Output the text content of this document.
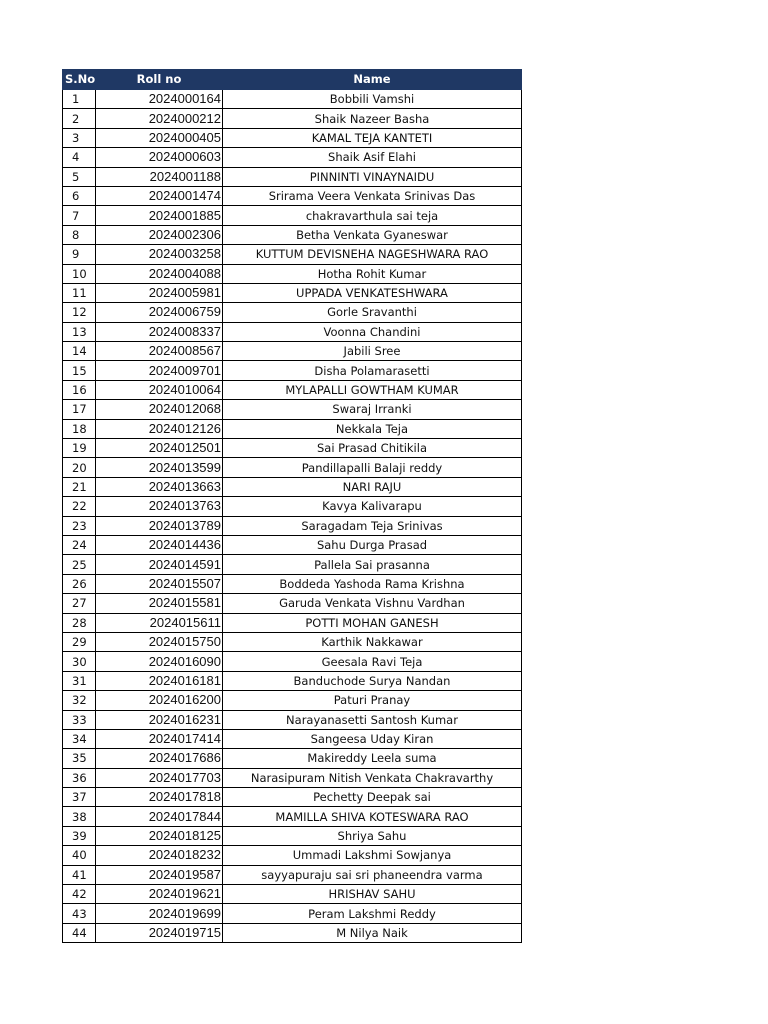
S.No	Roll no	Name
1	2024000164	Bobbili Vamshi
2	2024000212	Shaik Nazeer Basha
3	2024000405	KAMAL TEJA KANTETI
4	2024000603	Shaik Asif Elahi
5	2024001188	PINNINTI VINAYNAIDU
6	2024001474	Srirama Veera Venkata Srinivas Das
7	2024001885	chakravarthula sai teja
8	2024002306	Betha Venkata Gyaneswar
9	2024003258	KUTTUM DEVISNEHA NAGESHWARA RAO
10	2024004088	Hotha Rohit Kumar
11	2024005981	UPPADA VENKATESHWARA
12	2024006759	Gorle Sravanthi
13	2024008337	Voonna Chandini
14	2024008567	Jabili Sree
15	2024009701	Disha Polamarasetti
16	2024010064	MYLAPALLI GOWTHAM KUMAR
17	2024012068	Swaraj Irranki
18	2024012126	Nekkala Teja
19	2024012501	Sai Prasad Chitikila
20	2024013599	Pandillapalli Balaji reddy
21	2024013663	NARI RAJU
22	2024013763	Kavya Kalivarapu
23	2024013789	Saragadam Teja Srinivas
24	2024014436	Sahu Durga Prasad
25	2024014591	Pallela Sai prasanna
26	2024015507	Boddeda Yashoda Rama Krishna
27	2024015581	Garuda Venkata Vishnu Vardhan
28	2024015611	POTTI MOHAN GANESH
29	2024015750	Karthik Nakkawar
30	2024016090	Geesala Ravi Teja
31	2024016181	Banduchode Surya Nandan
32	2024016200	Paturi Pranay
33	2024016231	Narayanasetti Santosh Kumar
34	2024017414	Sangeesa Uday Kiran
35	2024017686	Makireddy Leela suma
36	2024017703	Narasipuram Nitish Venkata Chakravarthy
37	2024017818	Pechetty Deepak sai
38	2024017844	MAMILLA SHIVA KOTESWARA RAO
39	2024018125	Shriya Sahu
40	2024018232	Ummadi Lakshmi Sowjanya
41	2024019587	sayyapuraju sai sri phaneendra varma
42	2024019621	HRISHAV SAHU
43	2024019699	Peram Lakshmi Reddy
44	2024019715	M Nilya Naik
